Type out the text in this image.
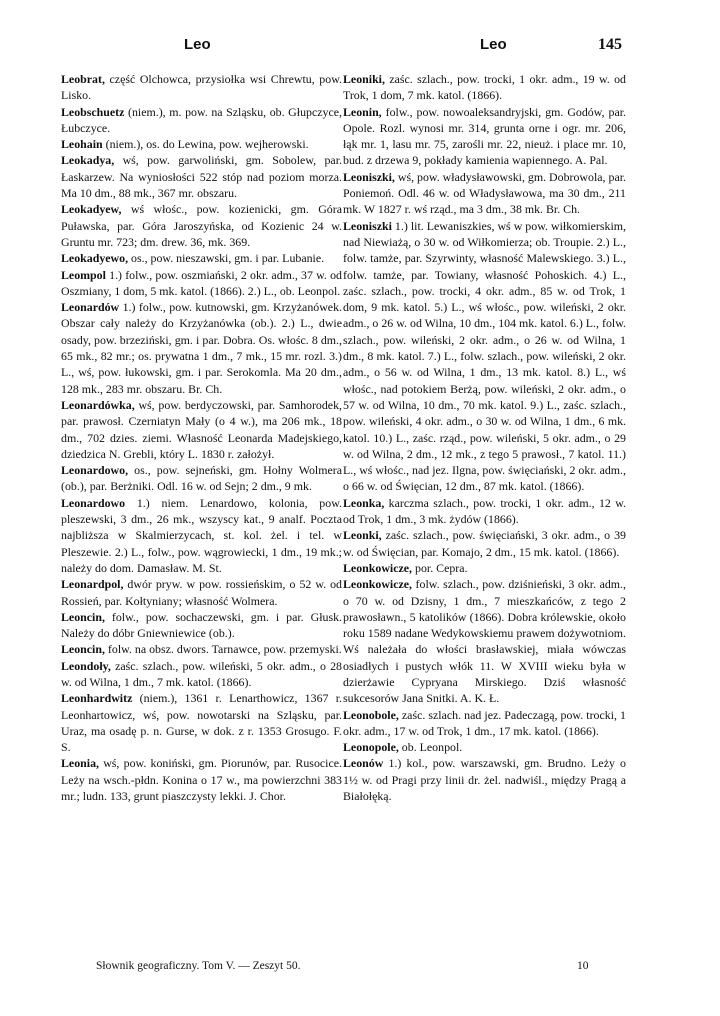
Leo	Leo	145

Leobrat, część Olchowca, przysiołka wsi Chrewtu, pow. Lisko.

Leobschuetz (niem.), m. pow. na Szląsku, ob. Głupczyce, Łubczyce.

Leohain (niem.), os. do Lewina, pow. wejherowski.

Leokadya, wś, pow. garwoliński, gm. Sobolew, par. Łaskarzew. Na wyniosłości 522 stóp nad poziom morza. Ma 10 dm., 88 mk., 367 mr. obszaru.

Leokadyew, wś włośc., pow. kozienicki, gm. Góra Puławska, par. Góra Jaroszyńska, od Kozienic 24 w. Gruntu mr. 723; dm. drew. 36, mk. 369.

Leokadyewo, os., pow. nieszawski, gm. i par. Lubanie.

Leompol 1.) folw., pow. oszmiański, 2 okr. adm., 37 w. od Oszmiany, 1 dom, 5 mk. katol. (1866). 2.) L., ob. Leonpol.

Leonardów 1.) folw., pow. kutnowski, gm. Krzyżanówek. Obszar cały należy do Krzyżanówka (ob.). 2.) L., dwie osady, pow. brzeziński, gm. i par. Dobra. Os. włośc. 8 dm., 65 mk., 82 mr.; os. prywatna 1 dm., 7 mk., 15 mr. rozl. 3.) L., wś, pow. łukowski, gm. i par. Serokomla. Ma 20 dm., 128 mk., 283 mr. obszaru. Br. Ch.

Leonardówka, wś, pow. berdyczowski, par. Samhorodek, par. prawosł. Czerniatyn Mały (o 4 w.), ma 206 mk., 18 dm., 702 dzies. ziemi. Własność Leonarda Madejskiego, dziedzica N. Grebli, który L. 1830 r. założył.

Leonardowo, os., pow. sejneński, gm. Hołny Wolmera (ob.), par. Berżniki. Odl. 16 w. od Sejn; 2 dm., 9 mk.

Leonardowo 1.) niem. Lenardowo, kolonia, pow. pleszewski, 3 dm., 26 mk., wszyscy kat., 9 analf. Poczta najbliższa w Skalmierzycach, st. kol. żel. i tel. w Pleszewie. 2.) L., folw., pow. wągrowiecki, 1 dm., 19 mk.; należy do dom. Damasław. M. St.

Leonardpol, dwór pryw. w pow. rossieńskim, o 52 w. od Rossień, par. Kołtyniany; własność Wolmera.

Leoncin, folw., pow. sochaczewski, gm. i par. Głusk. Należy do dóbr Gniewniewice (ob.).

Leoncin, folw. na obsz. dwors. Tarnawce, pow. przemyski.

Leondoły, zaśc. szlach., pow. wileński, 5 okr. adm., o 28 w. od Wilna, 1 dm., 7 mk. katol. (1866).

Leonhardwitz (niem.), 1361 r. Lenarthowicz, 1367 r. Leonhartowicz, wś, pow. nowotarski na Szląsku, par. Uraz, ma osadę p. n. Gurse, w dok. z r. 1353 Grosugo. F. S.

Leonia, wś, pow. koniński, gm. Piorunów, par. Rusocice. Leży na wsch.-płdn. Konina o 17 w., ma powierzchni 383 mr.; ludn. 133, grunt piaszczysty lekki. J. Chor.

Leoniki, zaśc. szlach., pow. trocki, 1 okr. adm., 19 w. od Trok, 1 dom, 7 mk. katol. (1866).

Leonin, folw., pow. nowoaleksandryjski, gm. Godów, par. Opole. Rozl. wynosi mr. 314, grunta orne i ogr. mr. 206, łąk mr. 1, lasu mr. 75, zarośli mr. 22, nieuż. i place mr. 10, bud. z drzewa 9, pokłady kamienia wapiennego. A. Pal.

Leoniszki, wś, pow. władysławowski, gm. Dobrowola, par. Poniemoń. Odl. 46 w. od Władysławowa, ma 30 dm., 211 mk. W 1827 r. wś rząd., ma 3 dm., 38 mk. Br. Ch.

Leoniszki 1.) lit. Lewaniszkies, wś w pow. wiłkomierskim, nad Niewiażą, o 30 w. od Wiłkomierza; ob. Troupie. 2.) L., folw. tamże, par. Szyrwinty, własność Malewskiego. 3.) L., folw. tamże, par. Towiany, własność Pohoskich. 4.) L., zaśc. szlach., pow. trocki, 4 okr. adm., 85 w. od Trok, 1 dom, 9 mk. katol. 5.) L., wś włośc., pow. wileński, 2 okr. adm., o 26 w. od Wilna, 10 dm., 104 mk. katol. 6.) L., folw. szlach., pow. wileński, 2 okr. adm., o 26 w. od Wilna, 1 dm., 8 mk. katol. 7.) L., folw. szlach., pow. wileński, 2 okr. adm., o 56 w. od Wilna, 1 dm., 13 mk. katol. 8.) L., wś włośc., nad potokiem Berżą, pow. wileński, 2 okr. adm., o 57 w. od Wilna, 10 dm., 70 mk. katol. 9.) L., zaśc. szlach., pow. wileński, 4 okr. adm., o 30 w. od Wilna, 1 dm., 6 mk. katol. 10.) L., zaśc. rząd., pow. wileński, 5 okr. adm., o 29 w. od Wilna, 2 dm., 12 mk., z tego 5 prawosł., 7 katol. 11.) L., wś włośc., nad jez. Ilgna, pow. święciański, 2 okr. adm., o 66 w. od Święcian, 12 dm., 87 mk. katol. (1866).

Leonka, karczma szlach., pow. trocki, 1 okr. adm., 12 w. od Trok, 1 dm., 3 mk. żydów (1866).

Leonki, zaśc. szlach., pow. święciański, 3 okr. adm., o 39 w. od Święcian, par. Komajo, 2 dm., 15 mk. katol. (1866).

Leonkowicze, por. Cepra.

Leonkowicze, folw. szlach., pow. dziśnieński, 3 okr. adm., o 70 w. od Dzisny, 1 dm., 7 mieszkańców, z tego 2 prawosławn., 5 katolików (1866). Dobra królewskie, około roku 1589 nadane Wedykowskiemu prawem dożywotniom. Wś należała do włości brasławskiej, miała wówczas osiadłych i pustych włók 11. W XVIII wieku była w dzierżawie Cypryana Mirskiego. Dziś własność sukcesorów Jana Snitki. A. K. Ł.

Leonobole, zaśc. szlach. nad jez. Padeczagą, pow. trocki, 1 okr. adm., 17 w. od Trok, 1 dm., 17 mk. katol. (1866).

Leonopole, ob. Leonpol.

Leonów 1.) kol., pow. warszawski, gm. Brudno. Leży o 1½ w. od Pragi przy linii dr. żel. nadwiśl., między Pragą a Białołęką.

Słownik geograficzny. Tom V. — Zeszyt 50.	10
